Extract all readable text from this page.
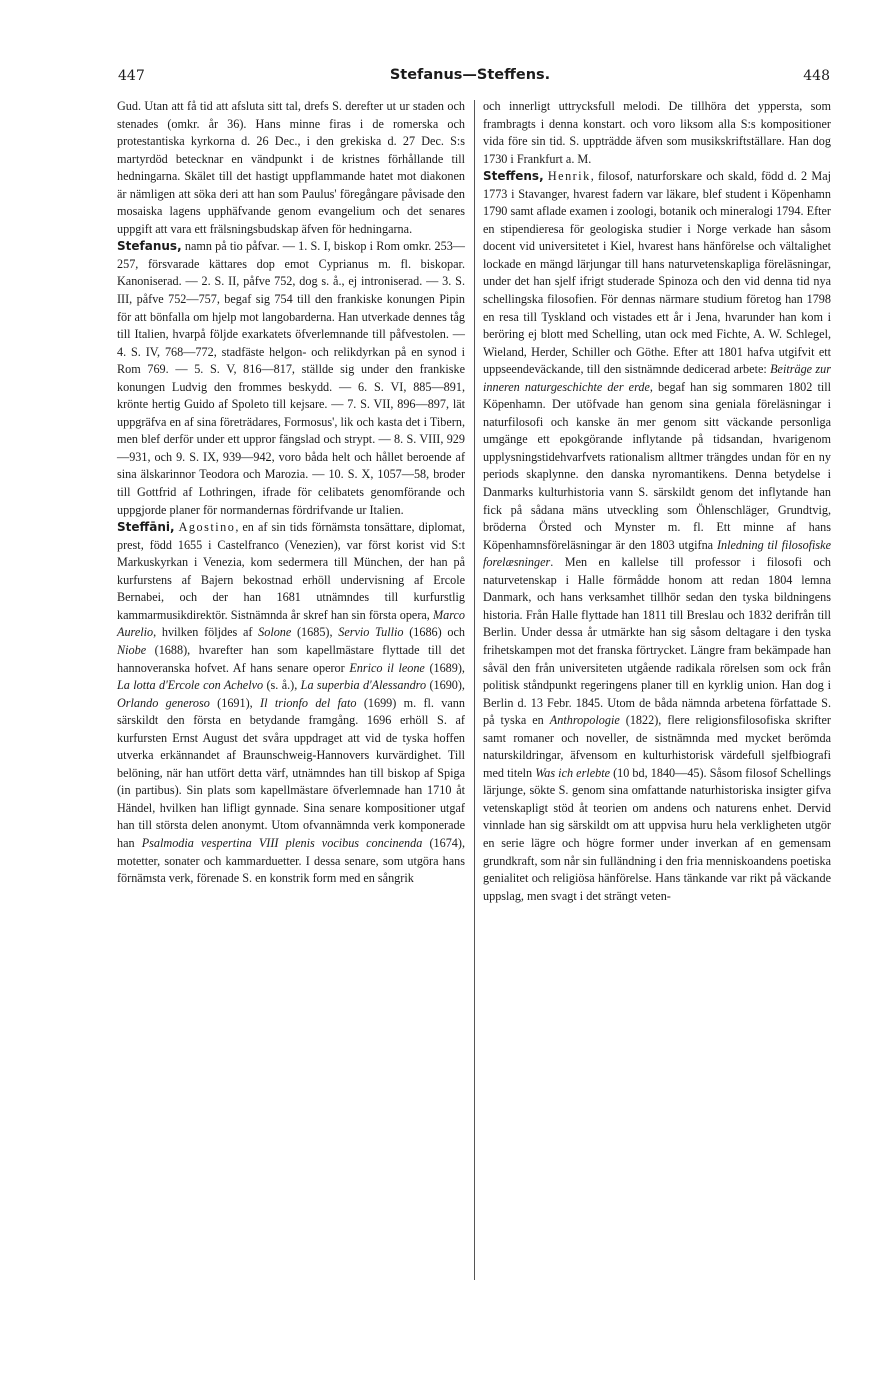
447	Stefanus—Steffens.	448

Gud. Utan att få tid att afsluta sitt tal, drefs S. derefter ut ur staden och stenades (omkr. år 36). Hans minne firas i de romerska och protestantiska kyrkorna d. 26 Dec., i den grekiska d. 27 Dec. S:s martyrdöd betecknar en vändpunkt i de kristnes förhållande till hedningarna. Skälet till det hastigt uppflammande hatet mot diakonen är nämligen att söka deri att han som Paulus' föregångare påvisade den mosaiska lagens upphäfvande genom evangelium och det senares uppgift att vara ett frälsningsbudskap äfven för hedningarna.

Stefanus, namn på tio påfvar. — 1. S. I, biskop i Rom omkr. 253—257, försvarade kättares dop emot Cyprianus m. fl. biskopar. Kanoniserad. — 2. S. II, påfve 752, dog s. å., ej introniserad. — 3. S. III, påfve 752—757, begaf sig 754 till den frankiske konungen Pipin för att bönfalla om hjelp mot langobarderna. Han utverkade dennes tåg till Italien, hvarpå följde exarkatets öfverlemnande till påfvestolen. — 4. S. IV, 768—772, stadfäste helgon- och relikdyrkan på en synod i Rom 769. — 5. S. V, 816—817, ställde sig under den frankiske konungen Ludvig den frommes beskydd. — 6. S. VI, 885—891, krönte hertig Guido af Spoleto till kejsare. — 7. S. VII, 896—897, lät uppgräfva en af sina företrädares, Formosus', lik och kasta det i Tibern, men blef derför under ett uppror fängslad och strypt. — 8. S. VIII, 929—931, och 9. S. IX, 939—942, voro båda helt och hållet beroende af sina älskarinnor Teodora och Marozia. — 10. S. X, 1057—58, broder till Gottfrid af Lothringen, ifrade för celibatets genomförande och uppgjorde planer för normandernas fördrifvande ur Italien.

Steffāni, Agostino, en af sin tids förnämsta tonsättare, diplomat, prest, född 1655 i Castelfranco (Venezien), var först korist vid S:t Markuskyrkan i Venezia, kom sedermera till München, der han på kurfurstens af Bajern bekostnad erhöll undervisning af Ercole Bernabei, och der han 1681 utnämndes till kurfurstlig kammarmusikdirektör. Sistnämnda år skref han sin första opera, Marco Aurelio, hvilken följdes af Solone (1685), Servio Tullio (1686) och Niobe (1688), hvarefter han som kapellmästare flyttade till det hannoveranska hofvet. Af hans senare operor Enrico il leone (1689), La lotta d'Ercole con Achelvo (s. å.), La superbia d'Alessandro (1690), Orlando generoso (1691), Il trionfo del fato (1699) m. fl. vann särskildt den första en betydande framgång. 1696 erhöll S. af kurfursten Ernst August det svåra uppdraget att vid de tyska hoffen utverka erkännandet af Braunschweig-Hannovers kurvärdighet. Till belöning, när han utfört detta värf, utnämndes han till biskop af Spiga (in partibus). Sin plats som kapellmästare öfverlemnade han 1710 åt Händel, hvilken han lifligt gynnade. Sina senare kompositioner utgaf han till största delen anonymt. Utom ofvannämnda verk komponerade han Psalmodia vespertina VIII plenis vocibus concinenda (1674), motetter, sonater och kammarduetter. I dessa senare, som utgöra hans förnämsta verk, förenade S. en konstrik form med en sångrik

och innerligt uttrycksfull melodi. De tillhöra det yppersta, som frambragts i denna konstart. och voro liksom alla S:s kompositioner vida före sin tid. S. uppträdde äfven som musikskriftställare. Han dog 1730 i Frankfurt a. M.

Steffens, Henrik, filosof, naturforskare och skald, född d. 2 Maj 1773 i Stavanger, hvarest fadern var läkare, blef student i Köpenhamn 1790 samt aflade examen i zoologi, botanik och mineralogi 1794. Efter en stipendieresa för geologiska studier i Norge verkade han såsom docent vid universitetet i Kiel, hvarest hans hänförelse och vältalighet lockade en mängd lärjungar till hans naturvetenskapliga föreläsningar, under det han sjelf ifrigt studerade Spinoza och den vid denna tid nya schellingska filosofien. För dennas närmare studium företog han 1798 en resa till Tyskland och vistades ett år i Jena, hvarunder han kom i beröring ej blott med Schelling, utan ock med Fichte, A. W. Schlegel, Wieland, Herder, Schiller och Göthe. Efter att 1801 hafva utgifvit ett uppseendeväckande, till den sistnämnde dedicerad arbete: Beiträge zur inneren naturgeschichte der erde, begaf han sig sommaren 1802 till Köpenhamn. Der utöfvade han genom sina geniala föreläsningar i naturfilosofi och kanske än mer genom sitt väckande personliga umgänge ett epokgörande inflytande på tidsandan, hvarigenom upplysningstidehvarfvets rationalism alltmer trängdes undan för en ny periods skaplynne. den danska nyromantikens. Denna betydelse i Danmarks kulturhistoria vann S. särskildt genom det inflytande han fick på sådana mäns utveckling som Öhlenschläger, Grundtvig, bröderna Örsted och Mynster m. fl. Ett minne af hans Köpenhamnsföreläsningar är den 1803 utgifna Inledning til filosofiske forelæsninger. Men en kallelse till professor i filosofi och naturvetenskap i Halle förmådde honom att redan 1804 lemna Danmark, och hans verksamhet tillhör sedan den tyska bildningens historia. Från Halle flyttade han 1811 till Breslau och 1832 derifrån till Berlin. Under dessa år utmärkte han sig såsom deltagare i den tyska frihetskampen mot det franska förtrycket. Längre fram bekämpade han såväl den från universiteten utgående radikala rörelsen som ock från politisk ståndpunkt regeringens planer till en kyrklig union. Han dog i Berlin d. 13 Febr. 1845. Utom de båda nämnda arbetena författade S. på tyska en Anthropologie (1822), flere religionsfilosofiska skrifter samt romaner och noveller, de sistnämnda med mycket berömda naturskildringar, äfvensom en kulturhistorisk värdefull sjelfbiografi med titeln Was ich erlebte (10 bd, 1840—45). Såsom filosof Schellings lärjunge, sökte S. genom sina omfattande naturhistoriska insigter gifva vetenskapligt stöd åt teorien om andens och naturens enhet. Dervid vinnlade han sig särskildt om att uppvisa huru hela verkligheten utgör en serie lägre och högre former under inverkan af en gemensam grundkraft, som når sin fulländning i den fria menniskoandens poetiska genialitet och religiösa hänförelse. Hans tänkande var rikt på väckande uppslag, men svagt i det strängt veten-
